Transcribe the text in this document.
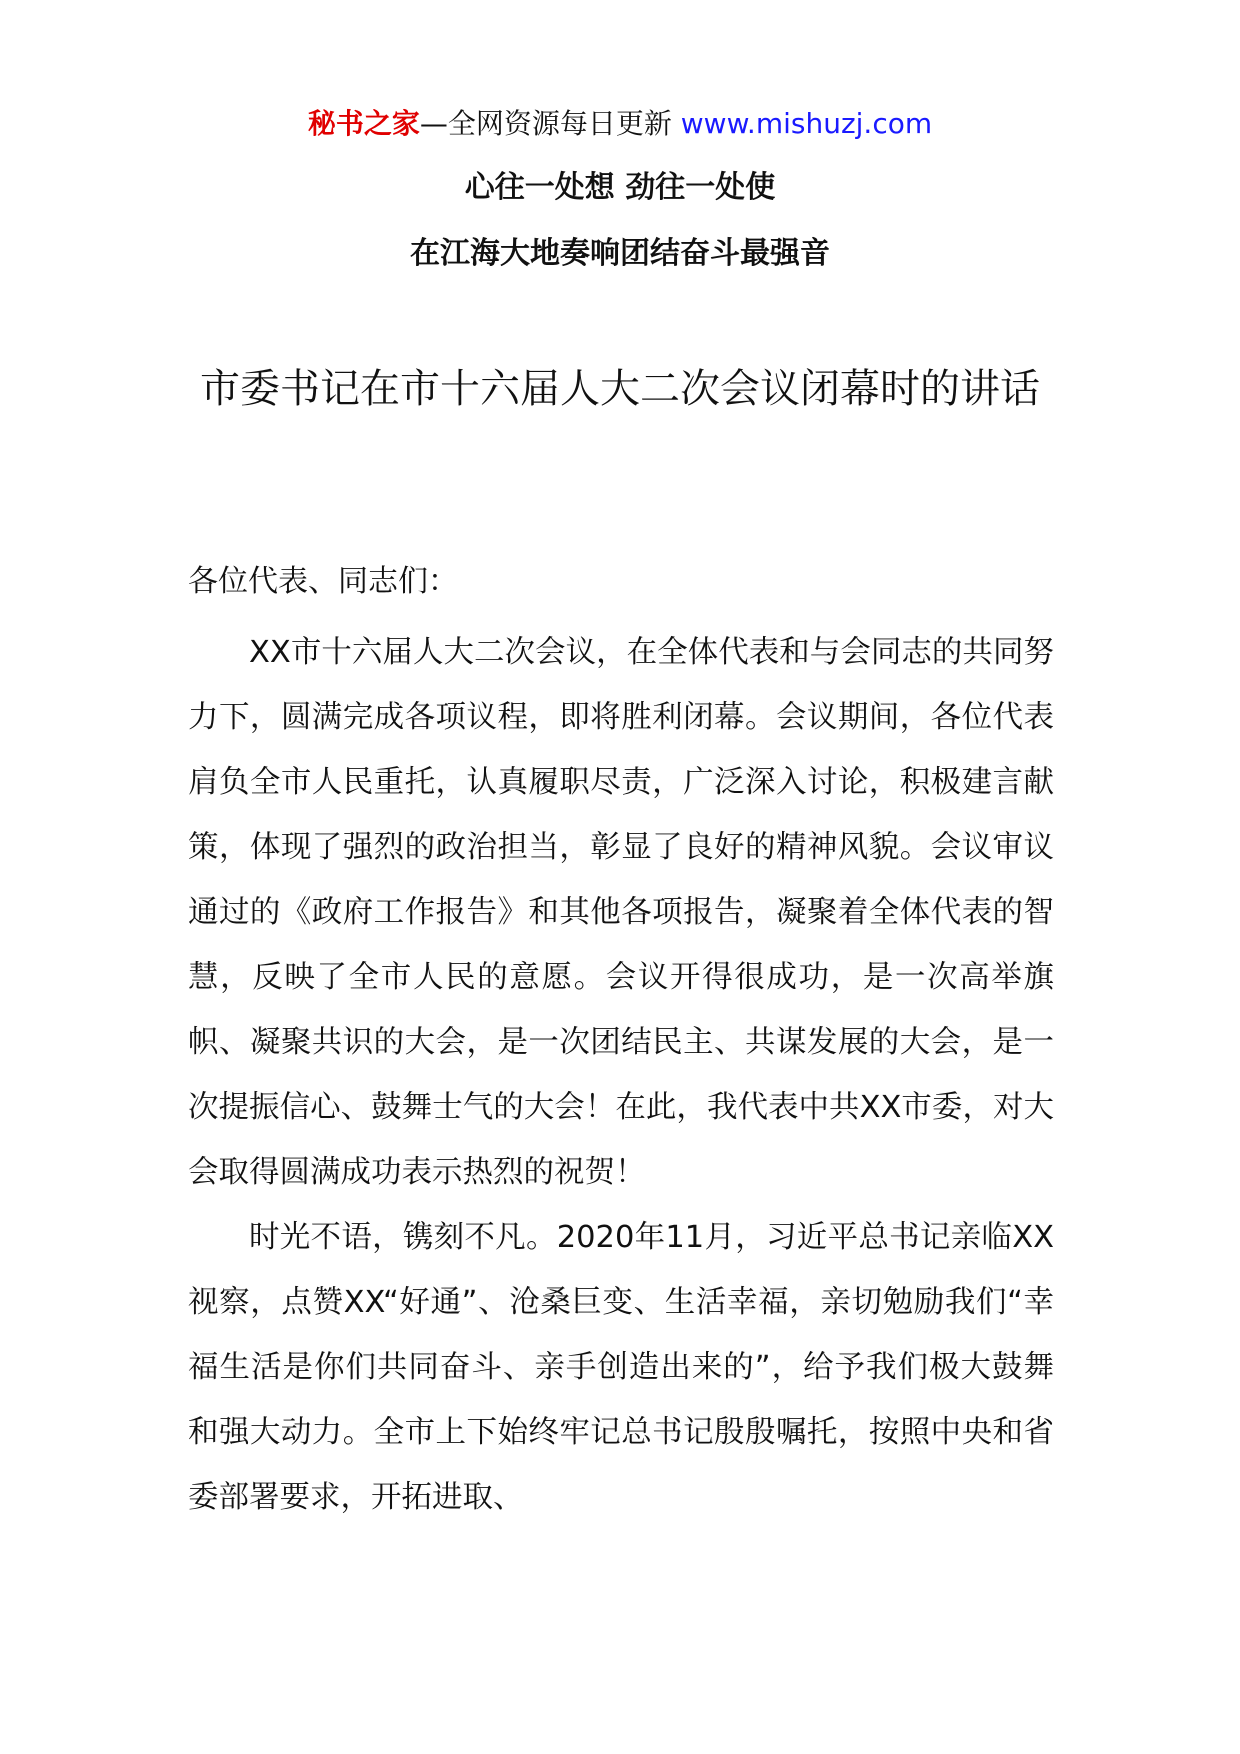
秘书之家—全网资源每日更新 www.mishuzj.com
心往一处想 劲往一处使
在江海大地奏响团结奋斗最强音
市委书记在市十六届人大二次会议闭幕时的讲话
各位代表、同志们：

XX市十六届人大二次会议，在全体代表和与会同志的共同努力下，圆满完成各项议程，即将胜利闭幕。会议期间，各位代表肩负全市人民重托，认真履职尽责，广泛深入讨论，积极建言献策，体现了强烈的政治担当，彰显了良好的精神风貌。会议审议通过的《政府工作报告》和其他各项报告，凝聚着全体代表的智慧，反映了全市人民的意愿。会议开得很成功，是一次高举旗帜、凝聚共识的大会，是一次团结民主、共谋发展的大会，是一次提振信心、鼓舞士气的大会！在此，我代表中共XX市委，对大会取得圆满成功表示热烈的祝贺！

时光不语，镌刻不凡。2020年11月，习近平总书记亲临XX视察，点赞XX“好通”、沧桑巨变、生活幸福，亲切勉励我们“幸福生活是你们共同奋斗、亲手创造出来的”，给予我们极大鼓舞和强大动力。全市上下始终牢记总书记殷殷嘱托，按照中央和省委部署要求，开拓进取、
